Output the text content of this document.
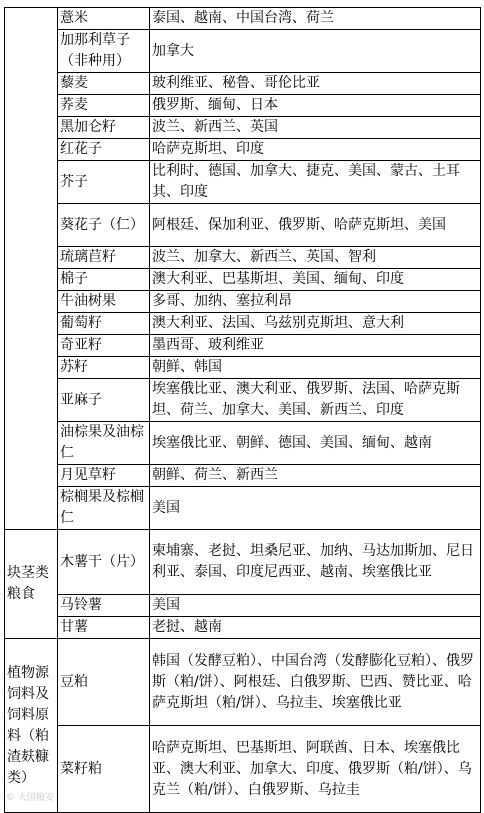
	薏米	泰国、越南、中国台湾、荷兰
	加那利草子（非种用）	加拿大
	藜麦	玻利维亚、秘鲁、哥伦比亚
	荞麦	俄罗斯、缅甸、日本
	黑加仑籽	波兰、新西兰、英国
	红花子	哈萨克斯坦、印度
	芥子	比利时、德国、加拿大、捷克、美国、蒙古、土耳其、印度
	葵花子（仁）	阿根廷、保加利亚、俄罗斯、哈萨克斯坦、美国
	琉璃苣籽	波兰、加拿大、新西兰、英国、智利
	棉子	澳大利亚、巴基斯坦、美国、缅甸、印度
	牛油树果	多哥、加纳、塞拉利昂
	葡萄籽	澳大利亚、法国、乌兹别克斯坦、意大利
	奇亚籽	墨西哥、玻利维亚
	苏籽	朝鲜、韩国
	亚麻子	埃塞俄比亚、澳大利亚、俄罗斯、法国、哈萨克斯坦、荷兰、加拿大、美国、新西兰、印度
	油棕果及油棕仁	埃塞俄比亚、朝鲜、德国、美国、缅甸、越南
	月见草籽	朝鲜、荷兰、新西兰
	棕榈果及棕榈仁	美国
块茎类粮食	木薯干（片）	柬埔寨、老挝、坦桑尼亚、加纳、马达加斯加、尼日利亚、泰国、印度尼西亚、越南、埃塞俄比亚
	马铃薯	美国
	甘薯	老挝、越南
植物源饲料及饲料原料（粕渣麸糠类）	豆粕	韩国（发酵豆粕）、中国台湾（发酵膨化豆粕）、俄罗斯（粕/饼）、阿根廷、白俄罗斯、巴西、赞比亚、哈萨克斯坦（粕/饼）、乌拉圭、埃塞俄比亚
	菜籽粕	哈萨克斯坦、巴基斯坦、阿联酋、日本、埃塞俄比亚、澳大利亚、加拿大、印度、俄罗斯（粕/饼）、乌克兰（粕/饼）、白俄罗斯、乌拉圭
© 大国粮安
